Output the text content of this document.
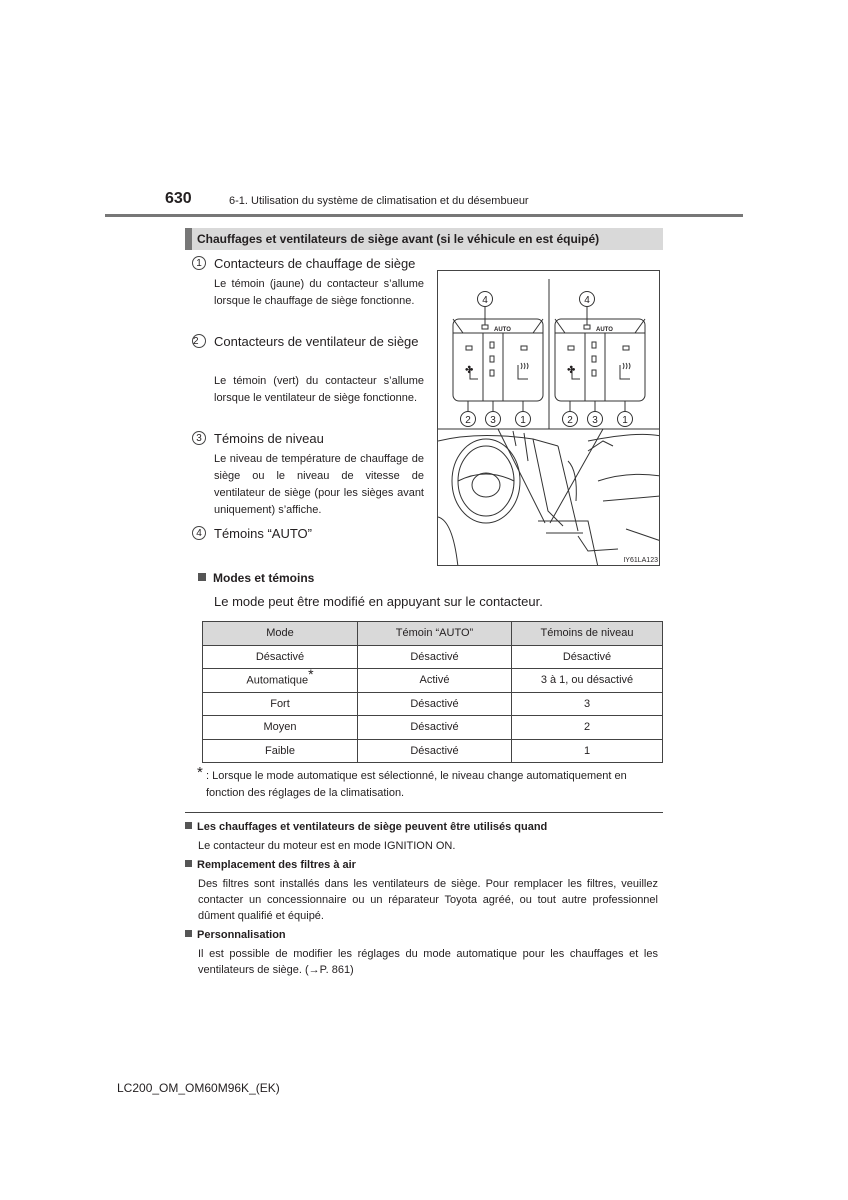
630	6-1. Utilisation du système de climatisation et du désembueur
Chauffages et ventilateurs de siège avant (si le véhicule en est équipé)
1 Contacteurs de chauffage de siège
Le témoin (jaune) du contacteur s’allume lorsque le chauffage de siège fonctionne.
2	Contacteurs de ventilateur de siège
Le témoin (vert) du contacteur s’allume lorsque le ventilateur de siège fonctionne.
3 Témoins de niveau
Le niveau de température de chauffage de siège ou le niveau de vitesse de ventilateur de siège (pour les sièges avant uniquement) s’affiche.
4 Témoins “AUTO”
AUTO
✤
AUTO
✤
4	4
2 3 1	2 3 1
IY61LA123
Modes et témoins
Le mode peut être modifié en appuyant sur le contacteur.
Mode	Témoin “AUTO”	Témoins de niveau
Désactivé	Désactivé	Désactivé
Automatique*	Activé	3 à 1, ou désactivé
Fort	Désactivé	3
Moyen	Désactivé	2
Faible	Désactivé	1
* : Lorsque le mode automatique est sélectionné, le niveau change automatiquement en fonction des réglages de la climatisation.
Les chauffages et ventilateurs de siège peuvent être utilisés quand
Le contacteur du moteur est en mode IGNITION ON.
Remplacement des filtres à air
Des filtres sont installés dans les ventilateurs de siège. Pour remplacer les filtres, veuillez contacter un concessionnaire ou un réparateur Toyota agréé, ou tout autre professionnel dûment qualifié et équipé.
Personnalisation
Il est possible de modifier les réglages du mode automatique pour les chauffages et les ventilateurs de siège. (→P. 861)
LC200_OM_OM60M96K_(EK)
